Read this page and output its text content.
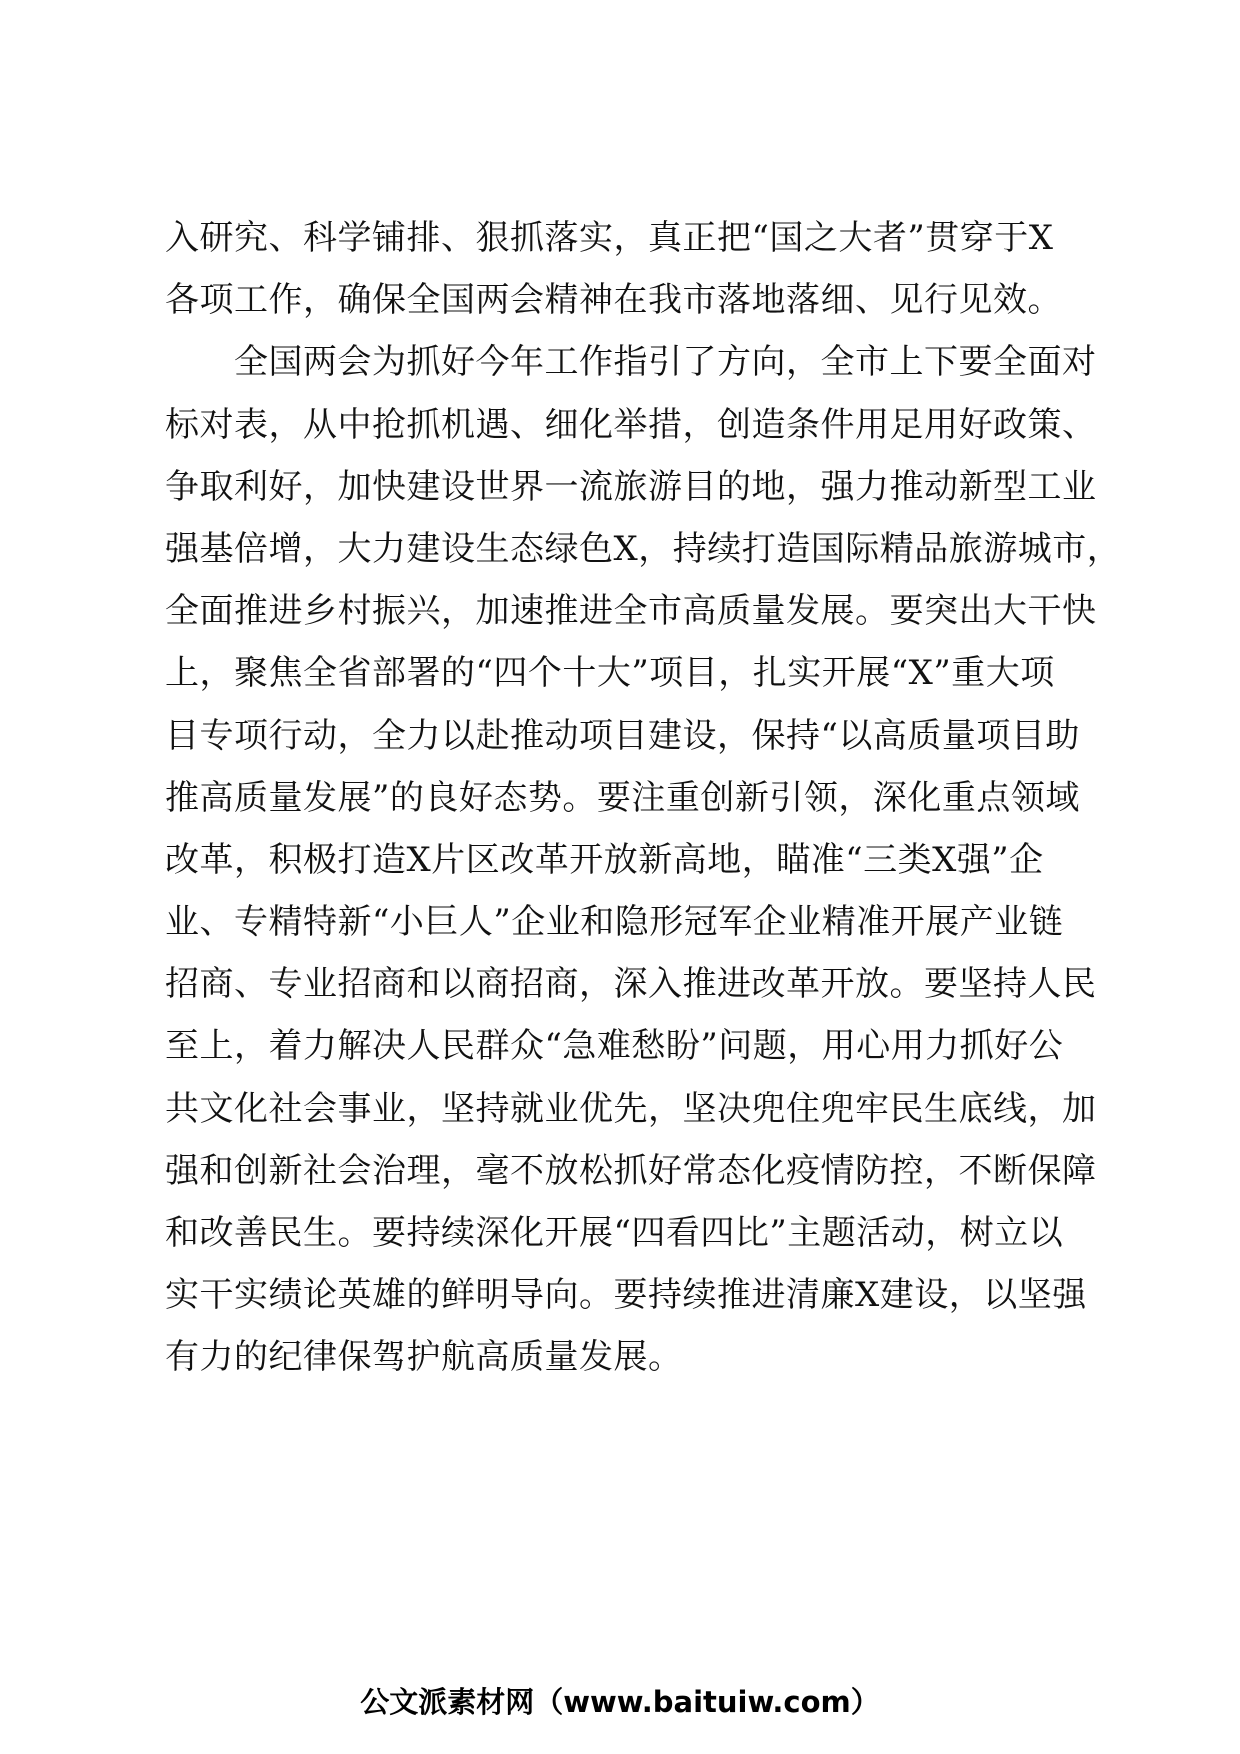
入研究、科学铺排、狠抓落实，真正把“国之大者”贯穿于X
各项工作，确保全国两会精神在我市落地落细、见行见效。
　　全国两会为抓好今年工作指引了方向，全市上下要全面对
标对表，从中抢抓机遇、细化举措，创造条件用足用好政策、
争取利好，加快建设世界一流旅游目的地，强力推动新型工业
强基倍增，大力建设生态绿色X，持续打造国际精品旅游城市，
全面推进乡村振兴，加速推进全市高质量发展。要突出大干快
上，聚焦全省部署的“四个十大”项目，扎实开展“X”重大项
目专项行动，全力以赴推动项目建设，保持“以高质量项目助
推高质量发展”的良好态势。要注重创新引领，深化重点领域
改革，积极打造X片区改革开放新高地，瞄准“三类X强”企
业、专精特新“小巨人”企业和隐形冠军企业精准开展产业链
招商、专业招商和以商招商，深入推进改革开放。要坚持人民
至上，着力解决人民群众“急难愁盼”问题，用心用力抓好公
共文化社会事业，坚持就业优先，坚决兜住兜牢民生底线，加
强和创新社会治理，毫不放松抓好常态化疫情防控，不断保障
和改善民生。要持续深化开展“四看四比”主题活动，树立以
实干实绩论英雄的鲜明导向。要持续推进清廉X建设，以坚强
有力的纪律保驾护航高质量发展。
公文派素材网（www.baituiw.com）
